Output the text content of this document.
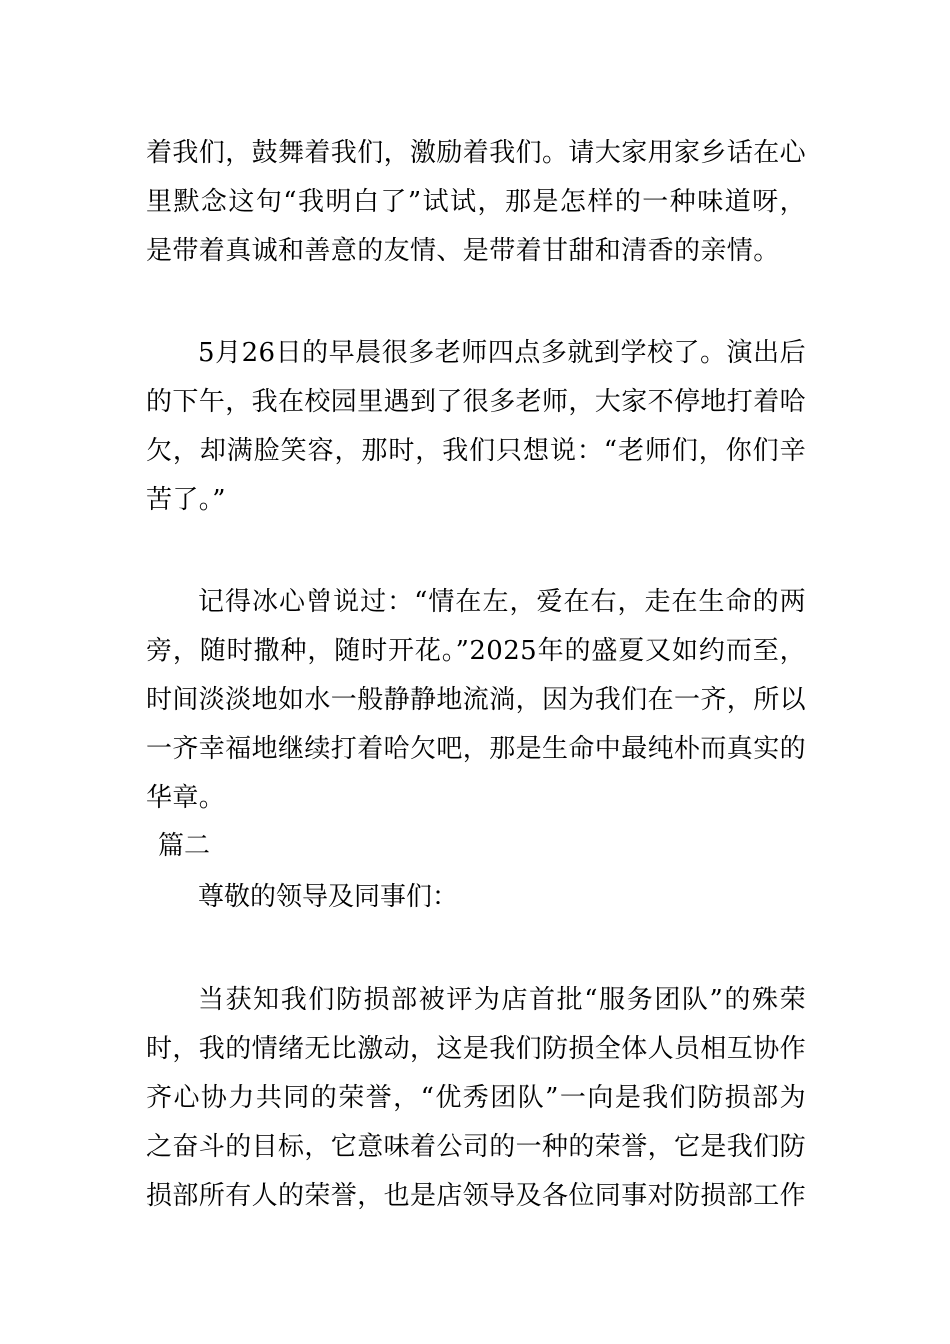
着我们，鼓舞着我们，激励着我们。请大家用家乡话在心里默念这句“我明白了”试试，那是怎样的一种味道呀，是带着真诚和善意的友情、是带着甘甜和清香的亲情。

5月26日的早晨很多老师四点多就到学校了。演出后的下午，我在校园里遇到了很多老师，大家不停地打着哈欠，却满脸笑容，那时，我们只想说：“老师们，你们辛苦了。”

记得冰心曾说过：“情在左，爱在右，走在生命的两旁，随时撒种，随时开花。”2025年的盛夏又如约而至，时间淡淡地如水一般静静地流淌，因为我们在一齐，所以一齐幸福地继续打着哈欠吧，那是生命中最纯朴而真实的华章。

篇二

尊敬的领导及同事们：

当获知我们防损部被评为店首批“服务团队”的殊荣时，我的情绪无比激动，这是我们防损全体人员相互协作齐心协力共同的荣誉，“优秀团队”一向是我们防损部为之奋斗的目标，它意味着公司的一种的荣誉，它是我们防损部所有人的荣誉，也是店领导及各位同事对防损部工作
